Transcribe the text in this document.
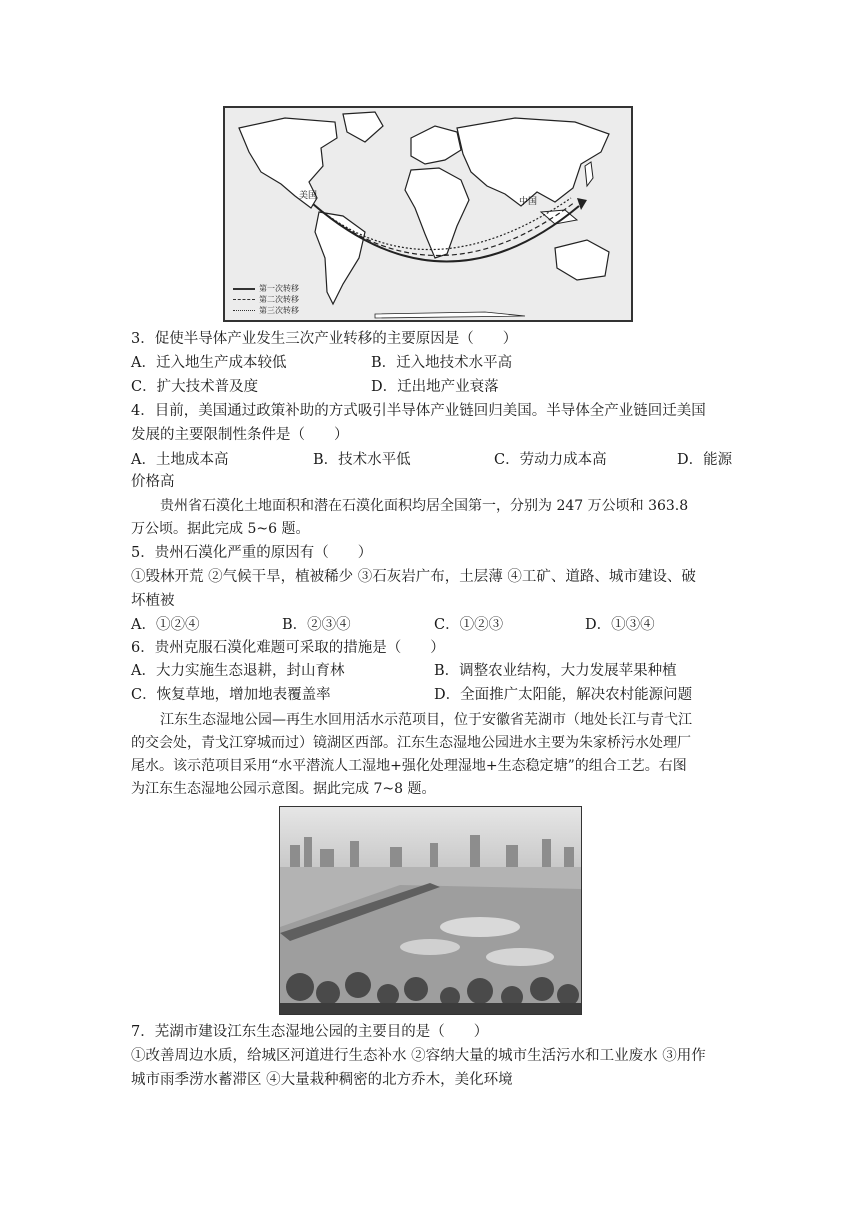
美国
中国
第一次转移
第二次转移
第三次转移
3．促使半导体产业发生三次产业转移的主要原因是（　　）
A．迁入地生产成本较低	B．迁入地技术水平高
C．扩大技术普及度	D．迁出地产业衰落
4．目前，美国通过政策补助的方式吸引半导体产业链回归美国。半导体全产业链回迁美国
发展的主要限制性条件是（　　）
A．土地成本高	B．技术水平低	C．劳动力成本高	D．能源
价格高
贵州省石漠化土地面积和潜在石漠化面积均居全国第一，分别为 247 万公顷和 363.8
万公顷。据此完成 5~6 题。
5．贵州石漠化严重的原因有（　　）
①毁林开荒 ②气候干旱，植被稀少 ③石灰岩广布，土层薄 ④工矿、道路、城市建设、破
坏植被
A．①②④	B．②③④	C．①②③	D．①③④
6．贵州克服石漠化难题可采取的措施是（　　）
A．大力实施生态退耕，封山育林	B．调整农业结构，大力发展苹果种植
C．恢复草地，增加地表覆盖率	D．全面推广太阳能，解决农村能源问题
江东生态湿地公园—再生水回用活水示范项目，位于安徽省芜湖市（地处长江与青弋江
的交会处，青戈江穿城而过）镜湖区西部。江东生态湿地公园进水主要为朱家桥污水处理厂
尾水。该示范项目采用“水平潜流人工湿地+强化处理湿地+生态稳定塘”的组合工艺。右图
为江东生态湿地公园示意图。据此完成 7~8 题。
7．芜湖市建设江东生态湿地公园的主要目的是（　　）
①改善周边水质，给城区河道进行生态补水 ②容纳大量的城市生活污水和工业废水 ③用作
城市雨季涝水蓄滞区 ④大量栽种稠密的北方乔木，美化环境
